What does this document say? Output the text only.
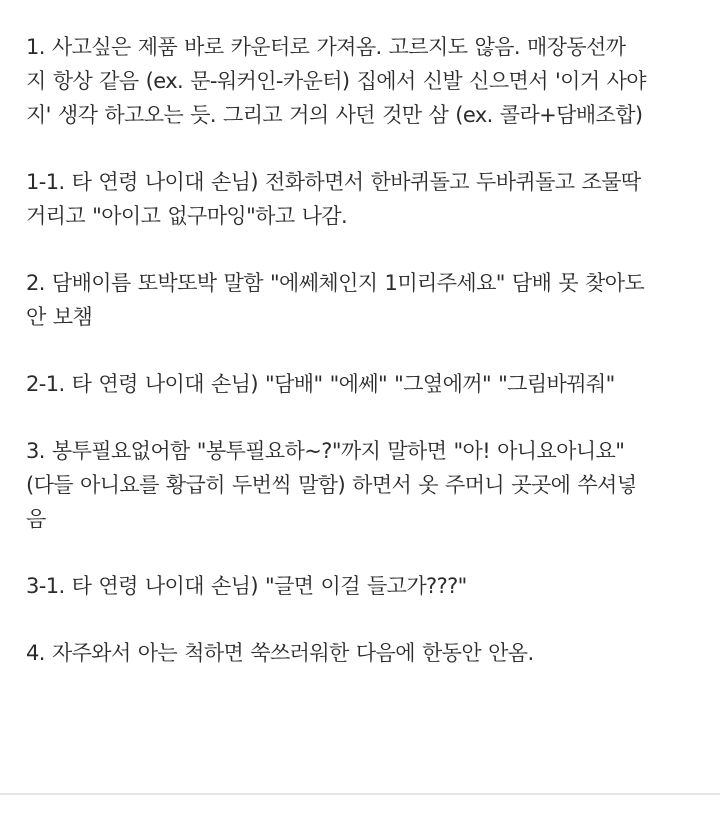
1. 사고싶은 제품 바로 카운터로 가져옴. 고르지도 않음. 매장동선까
지 항상 같음 (ex. 문-워커인-카운터) 집에서 신발 신으면서 '이거 사야
지' 생각 하고오는 듯. 그리고 거의 사던 것만 삼 (ex. 콜라+담배조합)

1-1. 타 연령 나이대 손님) 전화하면서 한바퀴돌고 두바퀴돌고 조물딱
거리고 "아이고 없구마잉"하고 나감.

2. 담배이름 또박또박 말함 "에쎄체인지 1미리주세요" 담배 못 찾아도
안 보챔

2-1. 타 연령 나이대 손님) "담배" "에쎄" "그옆에꺼" "그림바꿔줘"

3. 봉투필요없어함 "봉투필요하~?"까지 말하면 "아! 아니요아니요"
(다들 아니요를 황급히 두번씩 말함) 하면서 옷 주머니 곳곳에 쑤셔넣
음

3-1. 타 연령 나이대 손님) "글면 이걸 들고가???"

4. 자주와서 아는 척하면 쑥쓰러워한 다음에 한동안 안옴.
